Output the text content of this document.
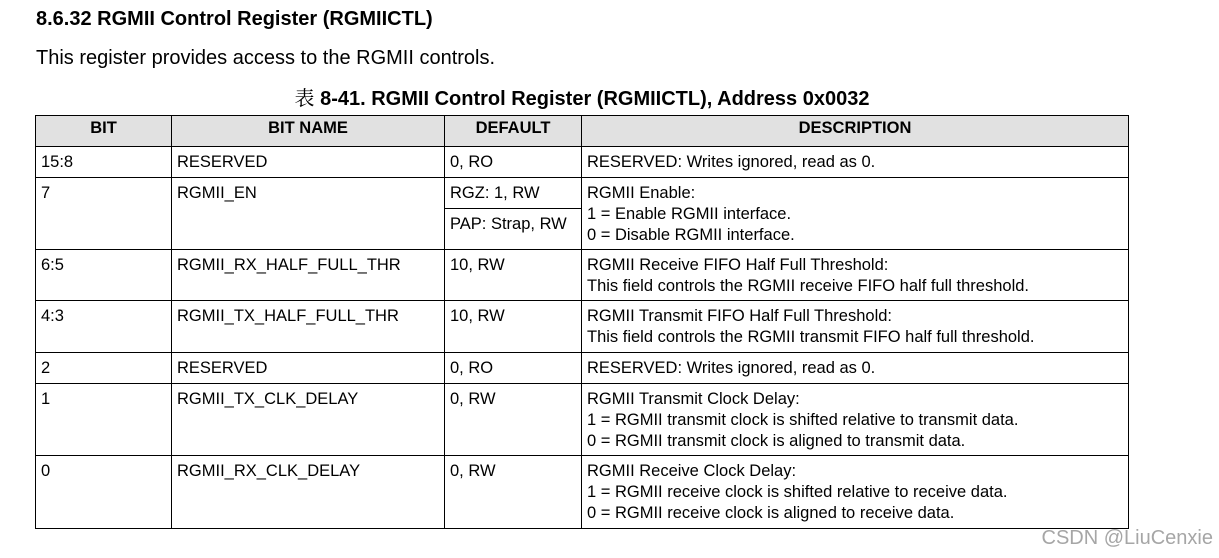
8.6.32 RGMII Control Register (RGMIICTL)
This register provides access to the RGMII controls.
表 8-41. RGMII Control Register (RGMIICTL), Address 0x0032
BIT	BIT NAME	DEFAULT	DESCRIPTION
15:8	RESERVED	0, RO	RESERVED: Writes ignored, read as 0.

7	RGMII_EN	RGZ: 1, RW	RGMII Enable:
1 = Enable RGMII interface.
0 = Disable RGMII interface.

		PAP: Strap, RW	
6:5	RGMII_RX_HALF_FULL_THR	10, RW	RGMII Receive FIFO Half Full Threshold:
This field controls the RGMII receive FIFO half full threshold.

4:3	RGMII_TX_HALF_FULL_THR	10, RW	RGMII Transmit FIFO Half Full Threshold:
This field controls the RGMII transmit FIFO half full threshold.

2	RESERVED	0, RO	RESERVED: Writes ignored, read as 0.

1	RGMII_TX_CLK_DELAY	0, RW	RGMII Transmit Clock Delay:
1 = RGMII transmit clock is shifted relative to transmit data.
0 = RGMII transmit clock is aligned to transmit data.

0	RGMII_RX_CLK_DELAY	0, RW	RGMII Receive Clock Delay:
1 = RGMII receive clock is shifted relative to receive data.
0 = RGMII receive clock is aligned to receive data.
CSDN @LiuCenxie
